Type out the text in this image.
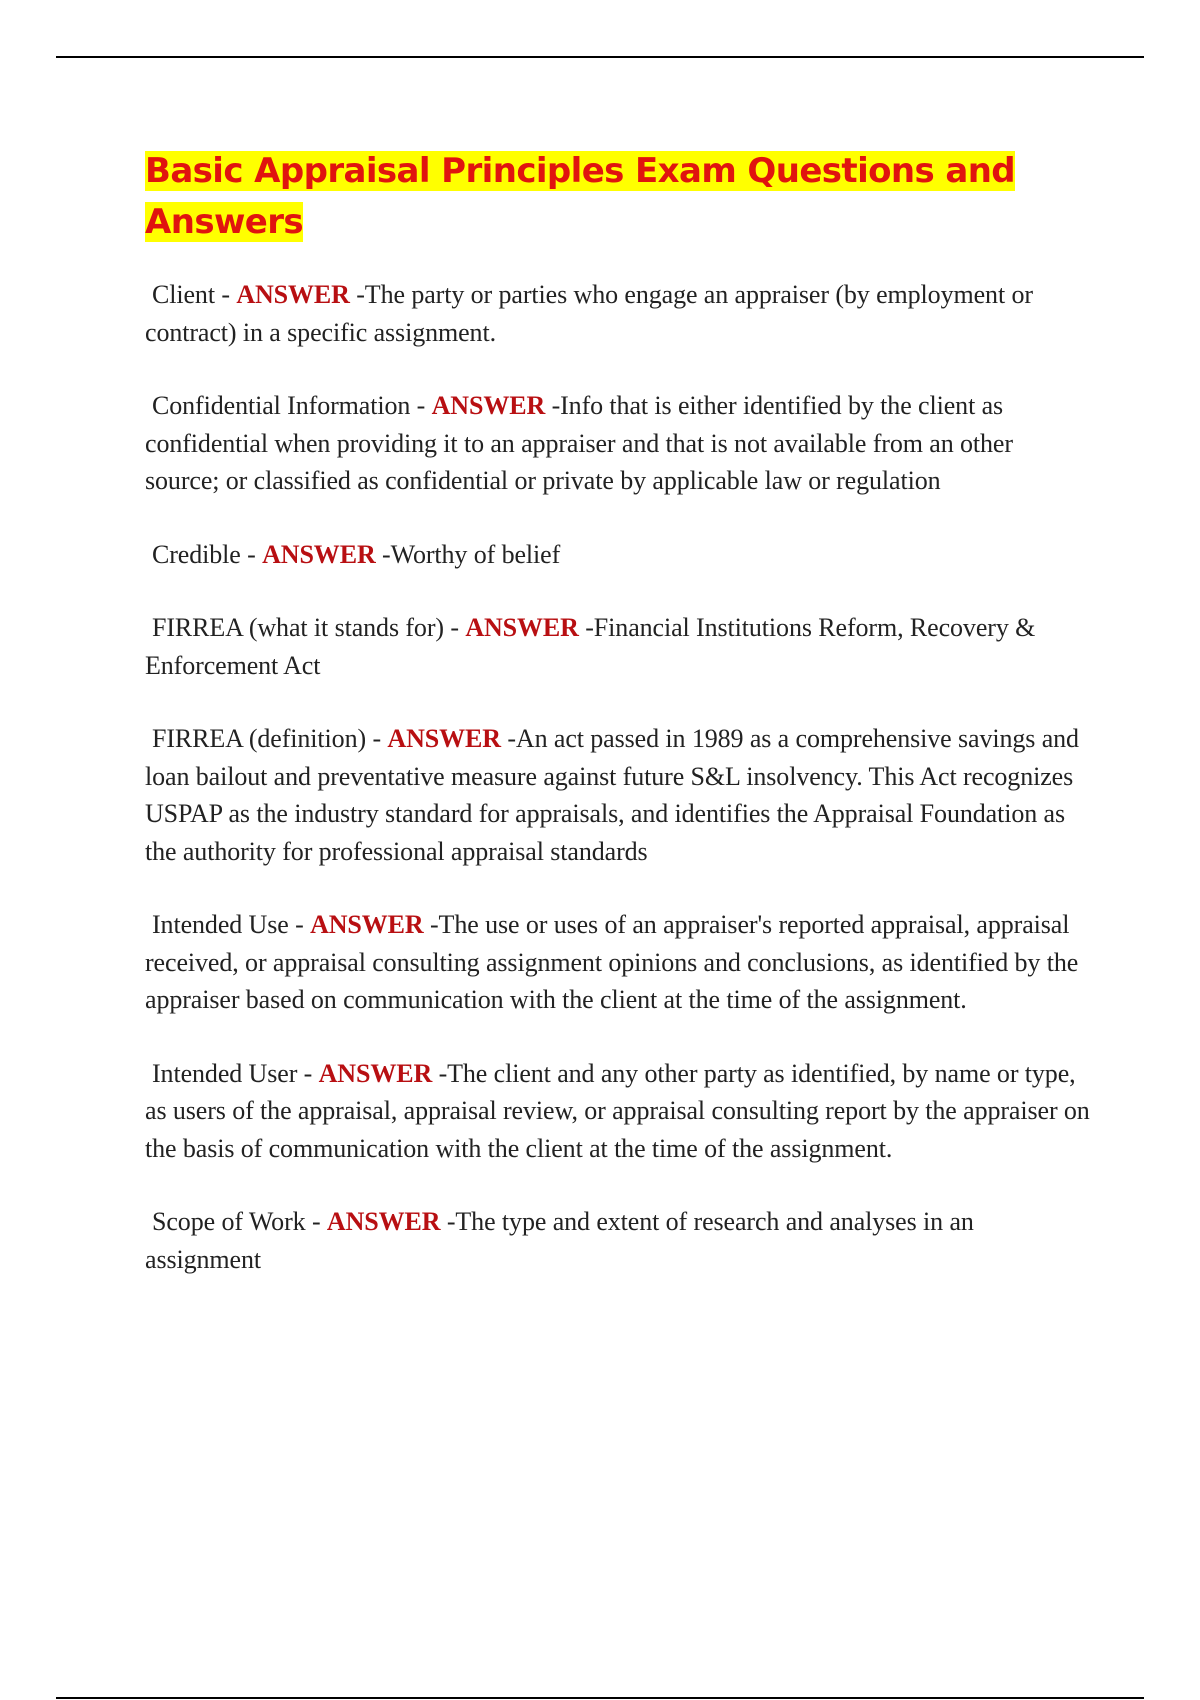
Basic Appraisal Principles Exam Questions and Answers

Client - ANSWER -The party or parties who engage an appraiser (by employment or contract) in a specific assignment.

Confidential Information - ANSWER -Info that is either identified by the client as confidential when providing it to an appraiser and that is not available from an other source; or classified as confidential or private by applicable law or regulation

Credible - ANSWER -Worthy of belief

FIRREA (what it stands for) - ANSWER -Financial Institutions Reform, Recovery & Enforcement Act

FIRREA (definition) - ANSWER -An act passed in 1989 as a comprehensive savings and loan bailout and preventative measure against future S&L insolvency. This Act recognizes USPAP as the industry standard for appraisals, and identifies the Appraisal Foundation as the authority for professional appraisal standards

Intended Use - ANSWER -The use or uses of an appraiser's reported appraisal, appraisal received, or appraisal consulting assignment opinions and conclusions, as identified by the appraiser based on communication with the client at the time of the assignment.

Intended User - ANSWER -The client and any other party as identified, by name or type, as users of the appraisal, appraisal review, or appraisal consulting report by the appraiser on the basis of communication with the client at the time of the assignment.

Scope of Work - ANSWER -The type and extent of research and analyses in an assignment
